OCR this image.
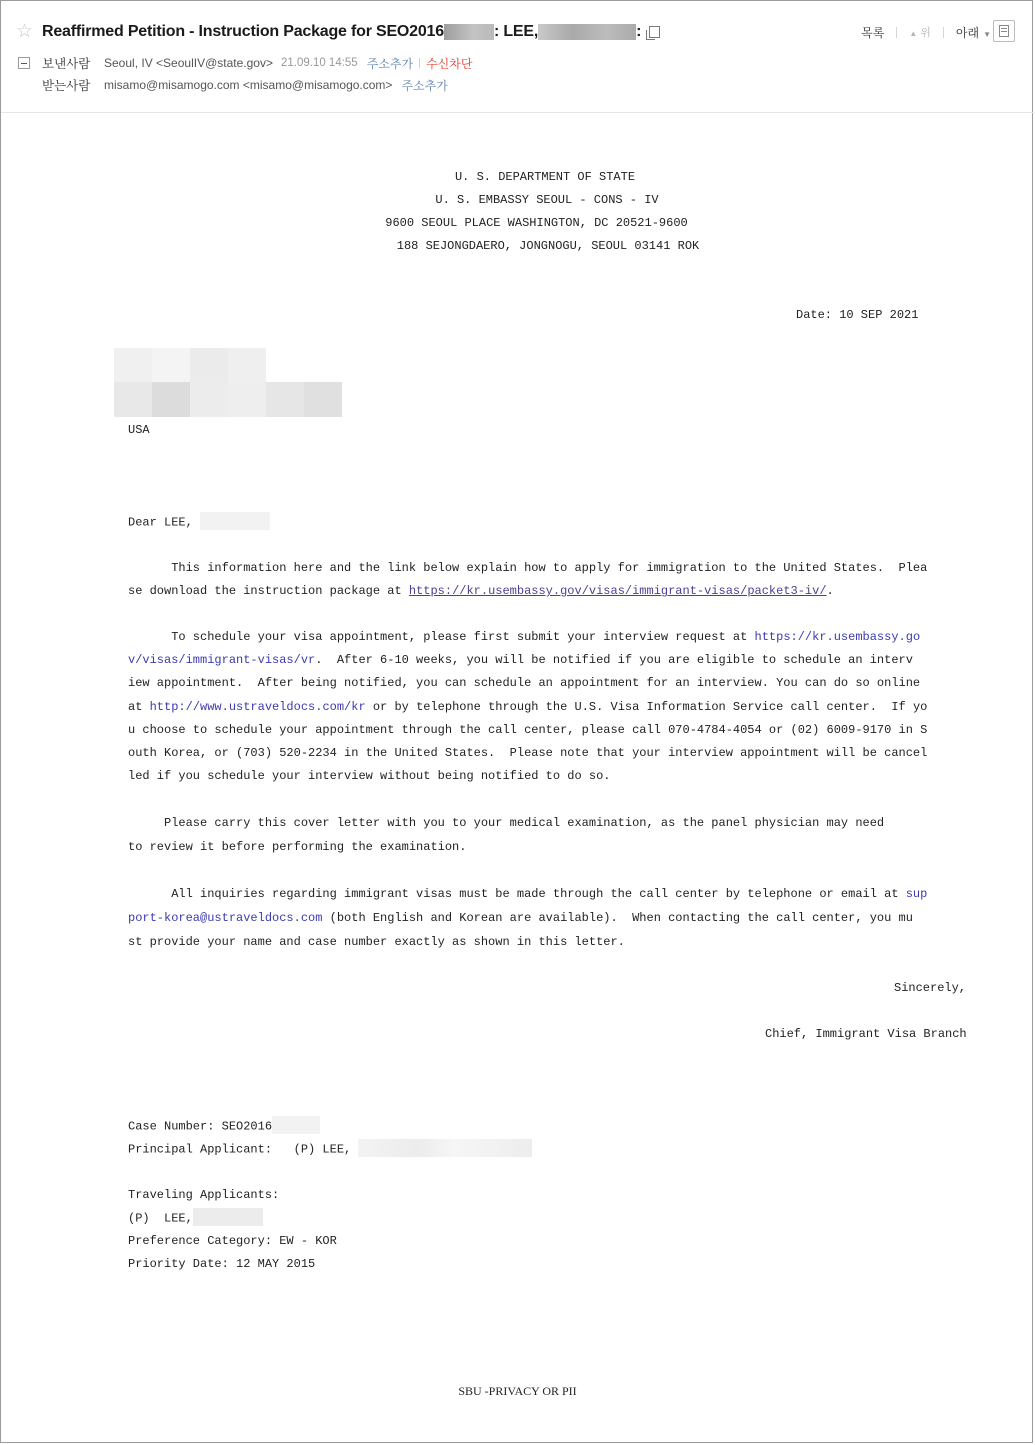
☆ Reaffirmed Petition - Instruction Package for SEO2016	: LEE,	:	목록	▲ 위 아래 ▼
보낸사람	Seoul, IV <SeoulIV@state.gov> 21.09.10 14:55 주소추가 수신차단
받는사람	misamo@misamogo.com <misamo@misamogo.com> 주소추가
U. S. DEPARTMENT OF STATE
U. S. EMBASSY SEOUL - CONS - IV
9600 SEOUL PLACE WASHINGTON, DC 20521-9600
188 SEJONGDAERO, JONGNOGU, SEOUL 03141 ROK
Date: 10 SEP 2021
USA
Dear LEE,
This information here and the link below explain how to apply for immigration to the United States.  Plea
se download the instruction package at https://kr.usembassy.gov/visas/immigrant-visas/packet3-iv/.
To schedule your visa appointment, please first submit your interview request at https://kr.usembassy.go
v/visas/immigrant-visas/vr.  After 6-10 weeks, you will be notified if you are eligible to schedule an interv
iew appointment.  After being notified, you can schedule an appointment for an interview. You can do so online
at http://www.ustraveldocs.com/kr or by telephone through the U.S. Visa Information Service call center.  If yo
u choose to schedule your appointment through the call center, please call 070-4784-4054 or (02) 6009-9170 in S
outh Korea, or (703) 520-2234 in the United States.  Please note that your interview appointment will be cancel
led if you schedule your interview without being notified to do so.
Please carry this cover letter with you to your medical examination, as the panel physician may need
to review it before performing the examination.
All inquiries regarding immigrant visas must be made through the call center by telephone or email at sup
port-korea@ustraveldocs.com (both English and Korean are available).  When contacting the call center, you mu
st provide your name and case number exactly as shown in this letter.
Sincerely,
Chief, Immigrant Visa Branch
Case Number: SEO2016
Principal Applicant:   (P) LEE,
Traveling Applicants:
(P)  LEE,
Preference Category: EW - KOR
Priority Date: 12 MAY 2015
SBU -PRIVACY OR PII
